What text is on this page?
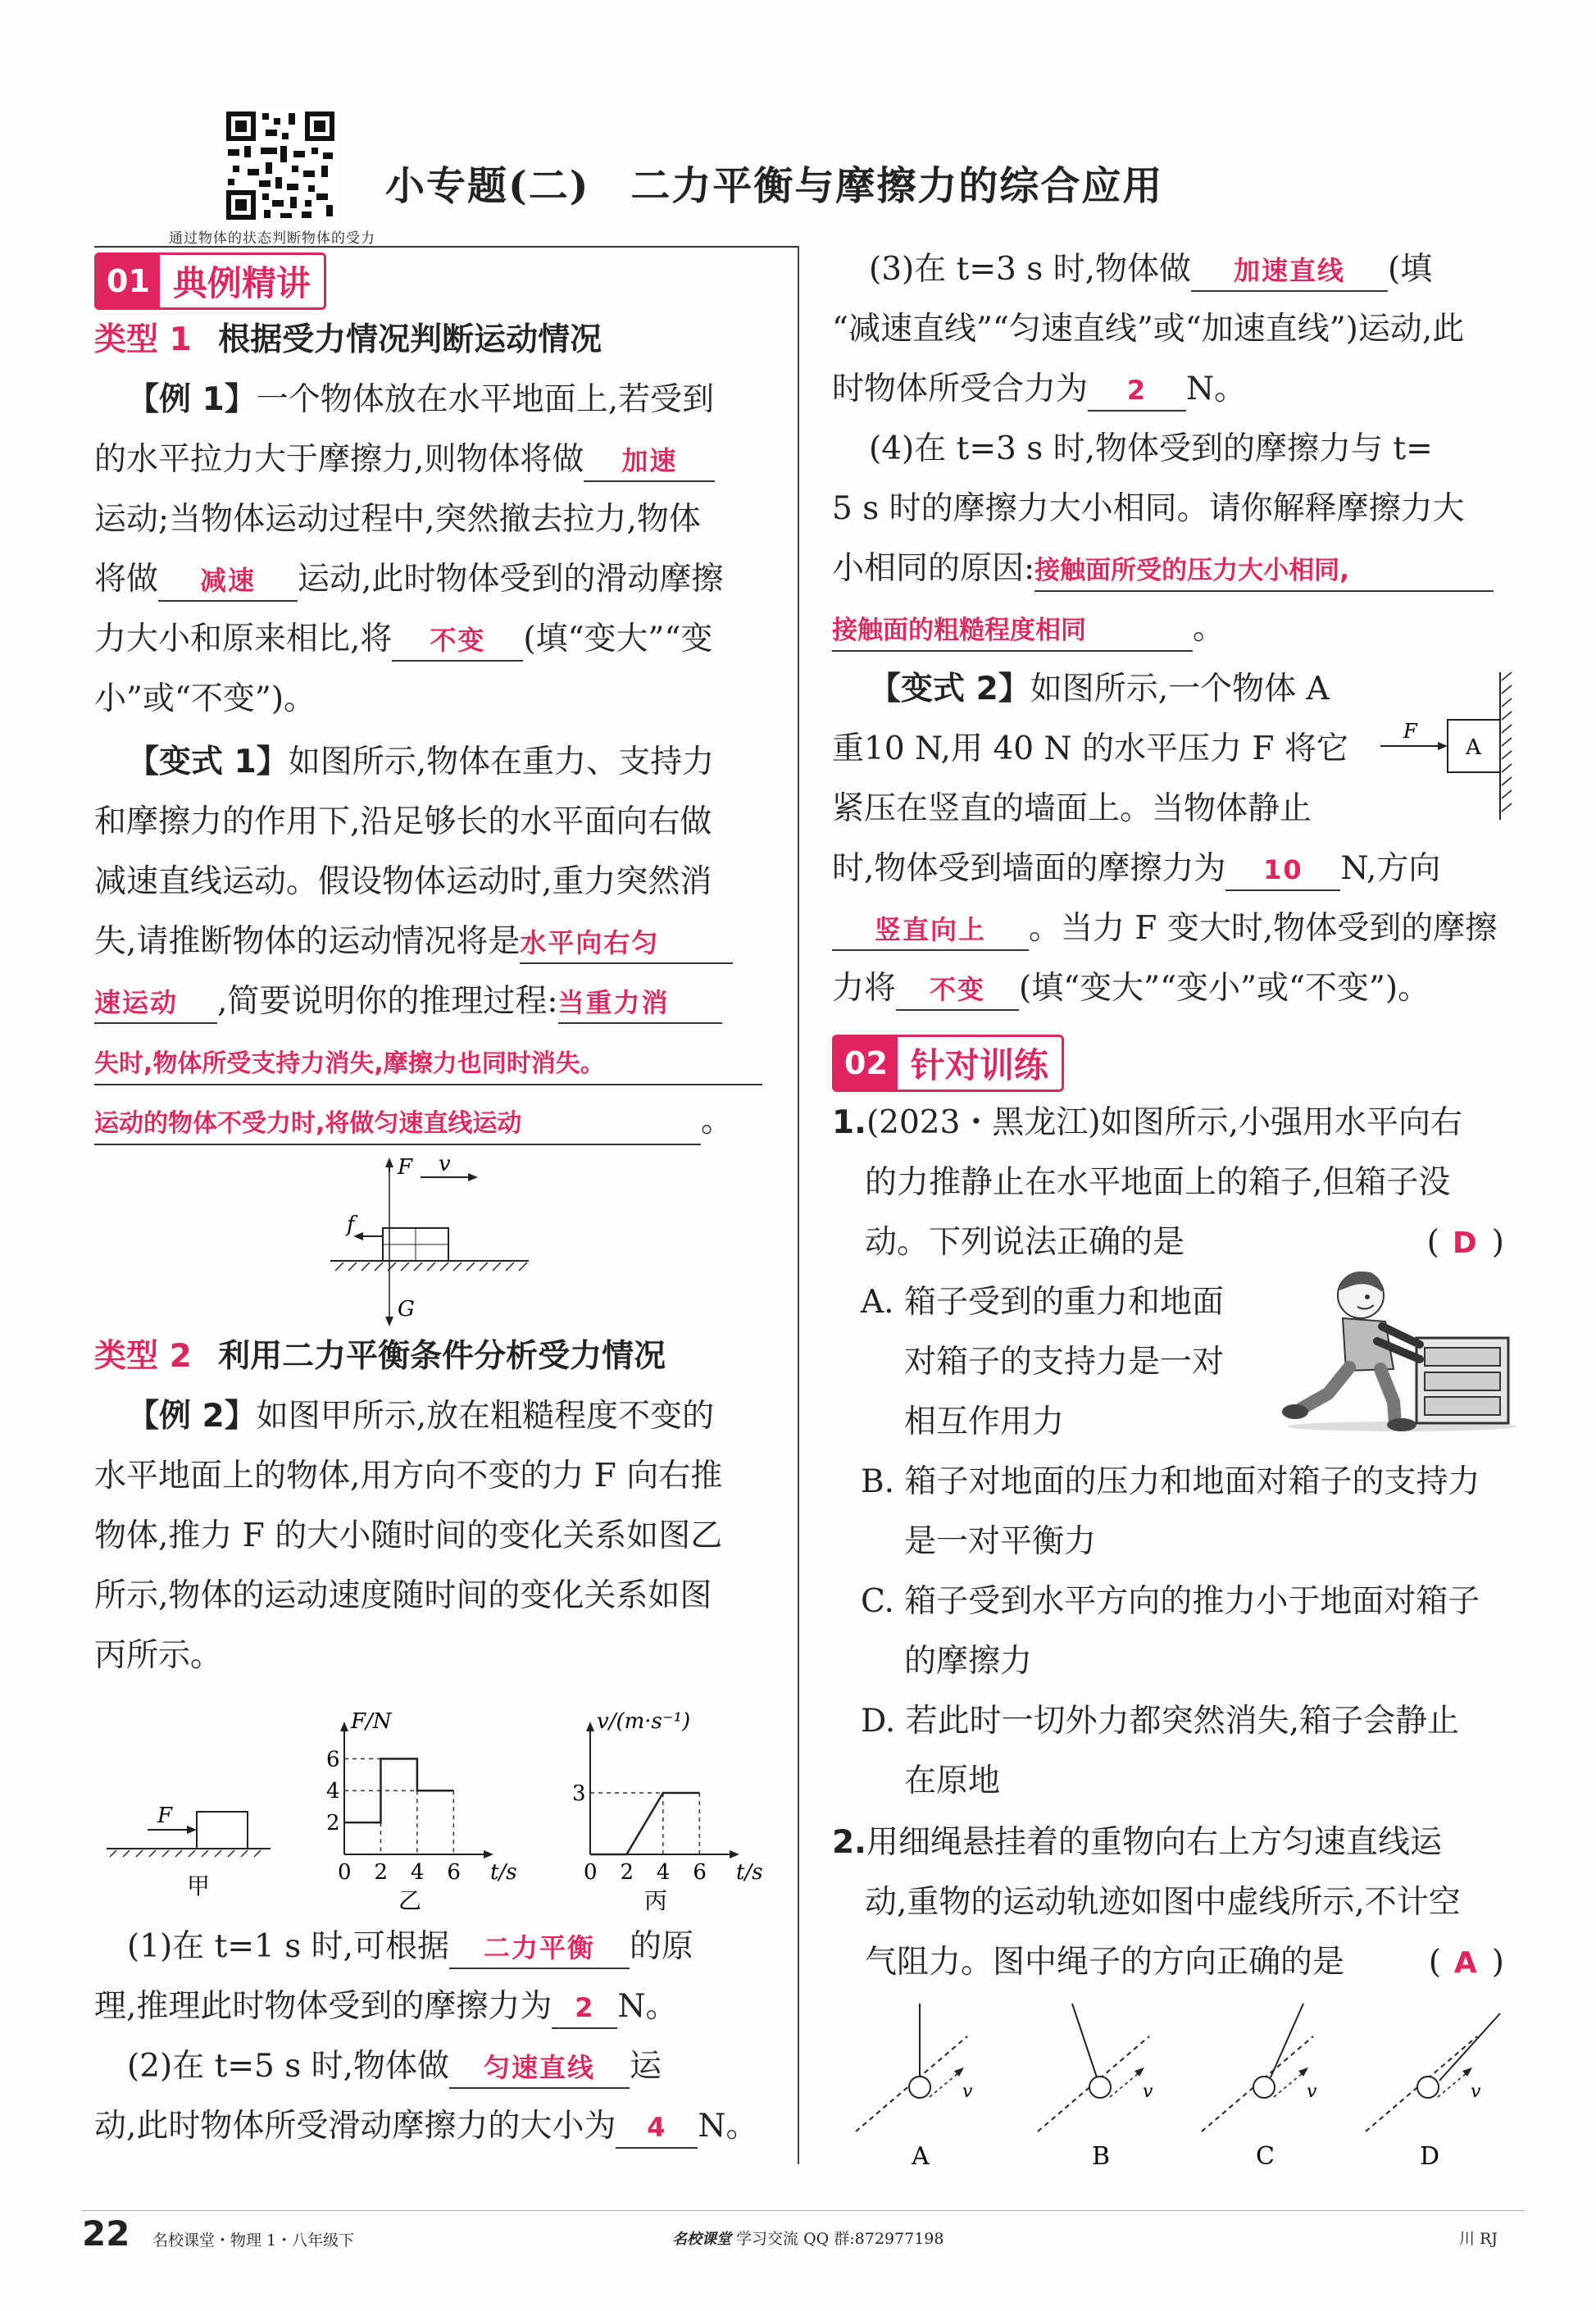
通过物体的状态判断物体的受力
小专题(二)　二力平衡与摩擦力的综合应用
01 典例精讲
类型 1 根据受力情况判断运动情况
【例 1】一个物体放在水平地面上,若受到
的水平拉力大于摩擦力,则物体将做 加速
运动;当物体运动过程中,突然撤去拉力,物体
将做 减速 运动,此时物体受到的滑动摩擦
力大小和原来相比,将 不变 (填“变大”“变
小”或“不变”)。
【变式 1】如图所示,物体在重力、支持力
和摩擦力的作用下,沿足够长的水平面向右做
减速直线运动。假设物体运动时,重力突然消
失,请推断物体的运动情况将是水平向右匀
速运动 ,简要说明你的推理过程:当重力消
失时,物体所受支持力消失,摩擦力也同时消失。
运动的物体不受力时,将做匀速直线运动	。
F v
f
G
类型 2 利用二力平衡条件分析受力情况
【例 2】如图甲所示,放在粗糙程度不变的
水平地面上的物体,用方向不变的力 F 向右推
物体,推力 F 的大小随时间的变化关系如图乙
所示,物体的运动速度随时间的变化关系如图
丙所示。
F
甲	0 2 4 6
2
4
6
t/s
F/N
乙
0 2 4 6
3
t/s
v/(m·s⁻¹)
丙
(1)在 t=1 s 时,可根据 二力平衡 的原
理,推理此时物体受到的摩擦力为 2 N。
(2)在 t=5 s 时,物体做 匀速直线 运
动,此时物体所受滑动摩擦力的大小为 4 N。
(3)在 t=3 s 时,物体做 加速直线 (填
“减速直线”“匀速直线”或“加速直线”)运动,此
时物体所受合力为 2 N。
(4)在 t=3 s 时,物体受到的摩擦力与 t=
5 s 时的摩擦力大小相同。请你解释摩擦力大
小相同的原因:接触面所受的压力大小相同,
接触面的粗糙程度相同	。
【变式 2】如图所示,一个物体 A
重10 N,用 40 N 的水平压力 F 将它
紧压在竖直的墙面上。当物体静止
时,物体受到墙面的摩擦力为 10 N,方向
竖直向上 。当力 F 变大时,物体受到的摩擦
力将 不变 (填“变大”“变小”或“不变”)。
F
A
02 针对训练
1.(2023・黑龙江)如图所示,小强用水平向右
的力推静止在水平地面上的箱子,但箱子没
动。下列说法正确的是	( D )
A. 箱子受到的重力和地面
对箱子的支持力是一对
相互作用力
B. 箱子对地面的压力和地面对箱子的支持力
是一对平衡力
C. 箱子受到水平方向的推力小于地面对箱子
的摩擦力
D. 若此时一切外力都突然消失,箱子会静止
在原地
2.用细绳悬挂着的重物向右上方匀速直线运
动,重物的运动轨迹如图中虚线所示,不计空
气阻力。图中绳子的方向正确的是	( A )
v
A
v
B
v
C
v
D
22 名校课堂・物理 1・八年级下	名校课堂 学习交流 QQ 群:872977198	川 RJ
